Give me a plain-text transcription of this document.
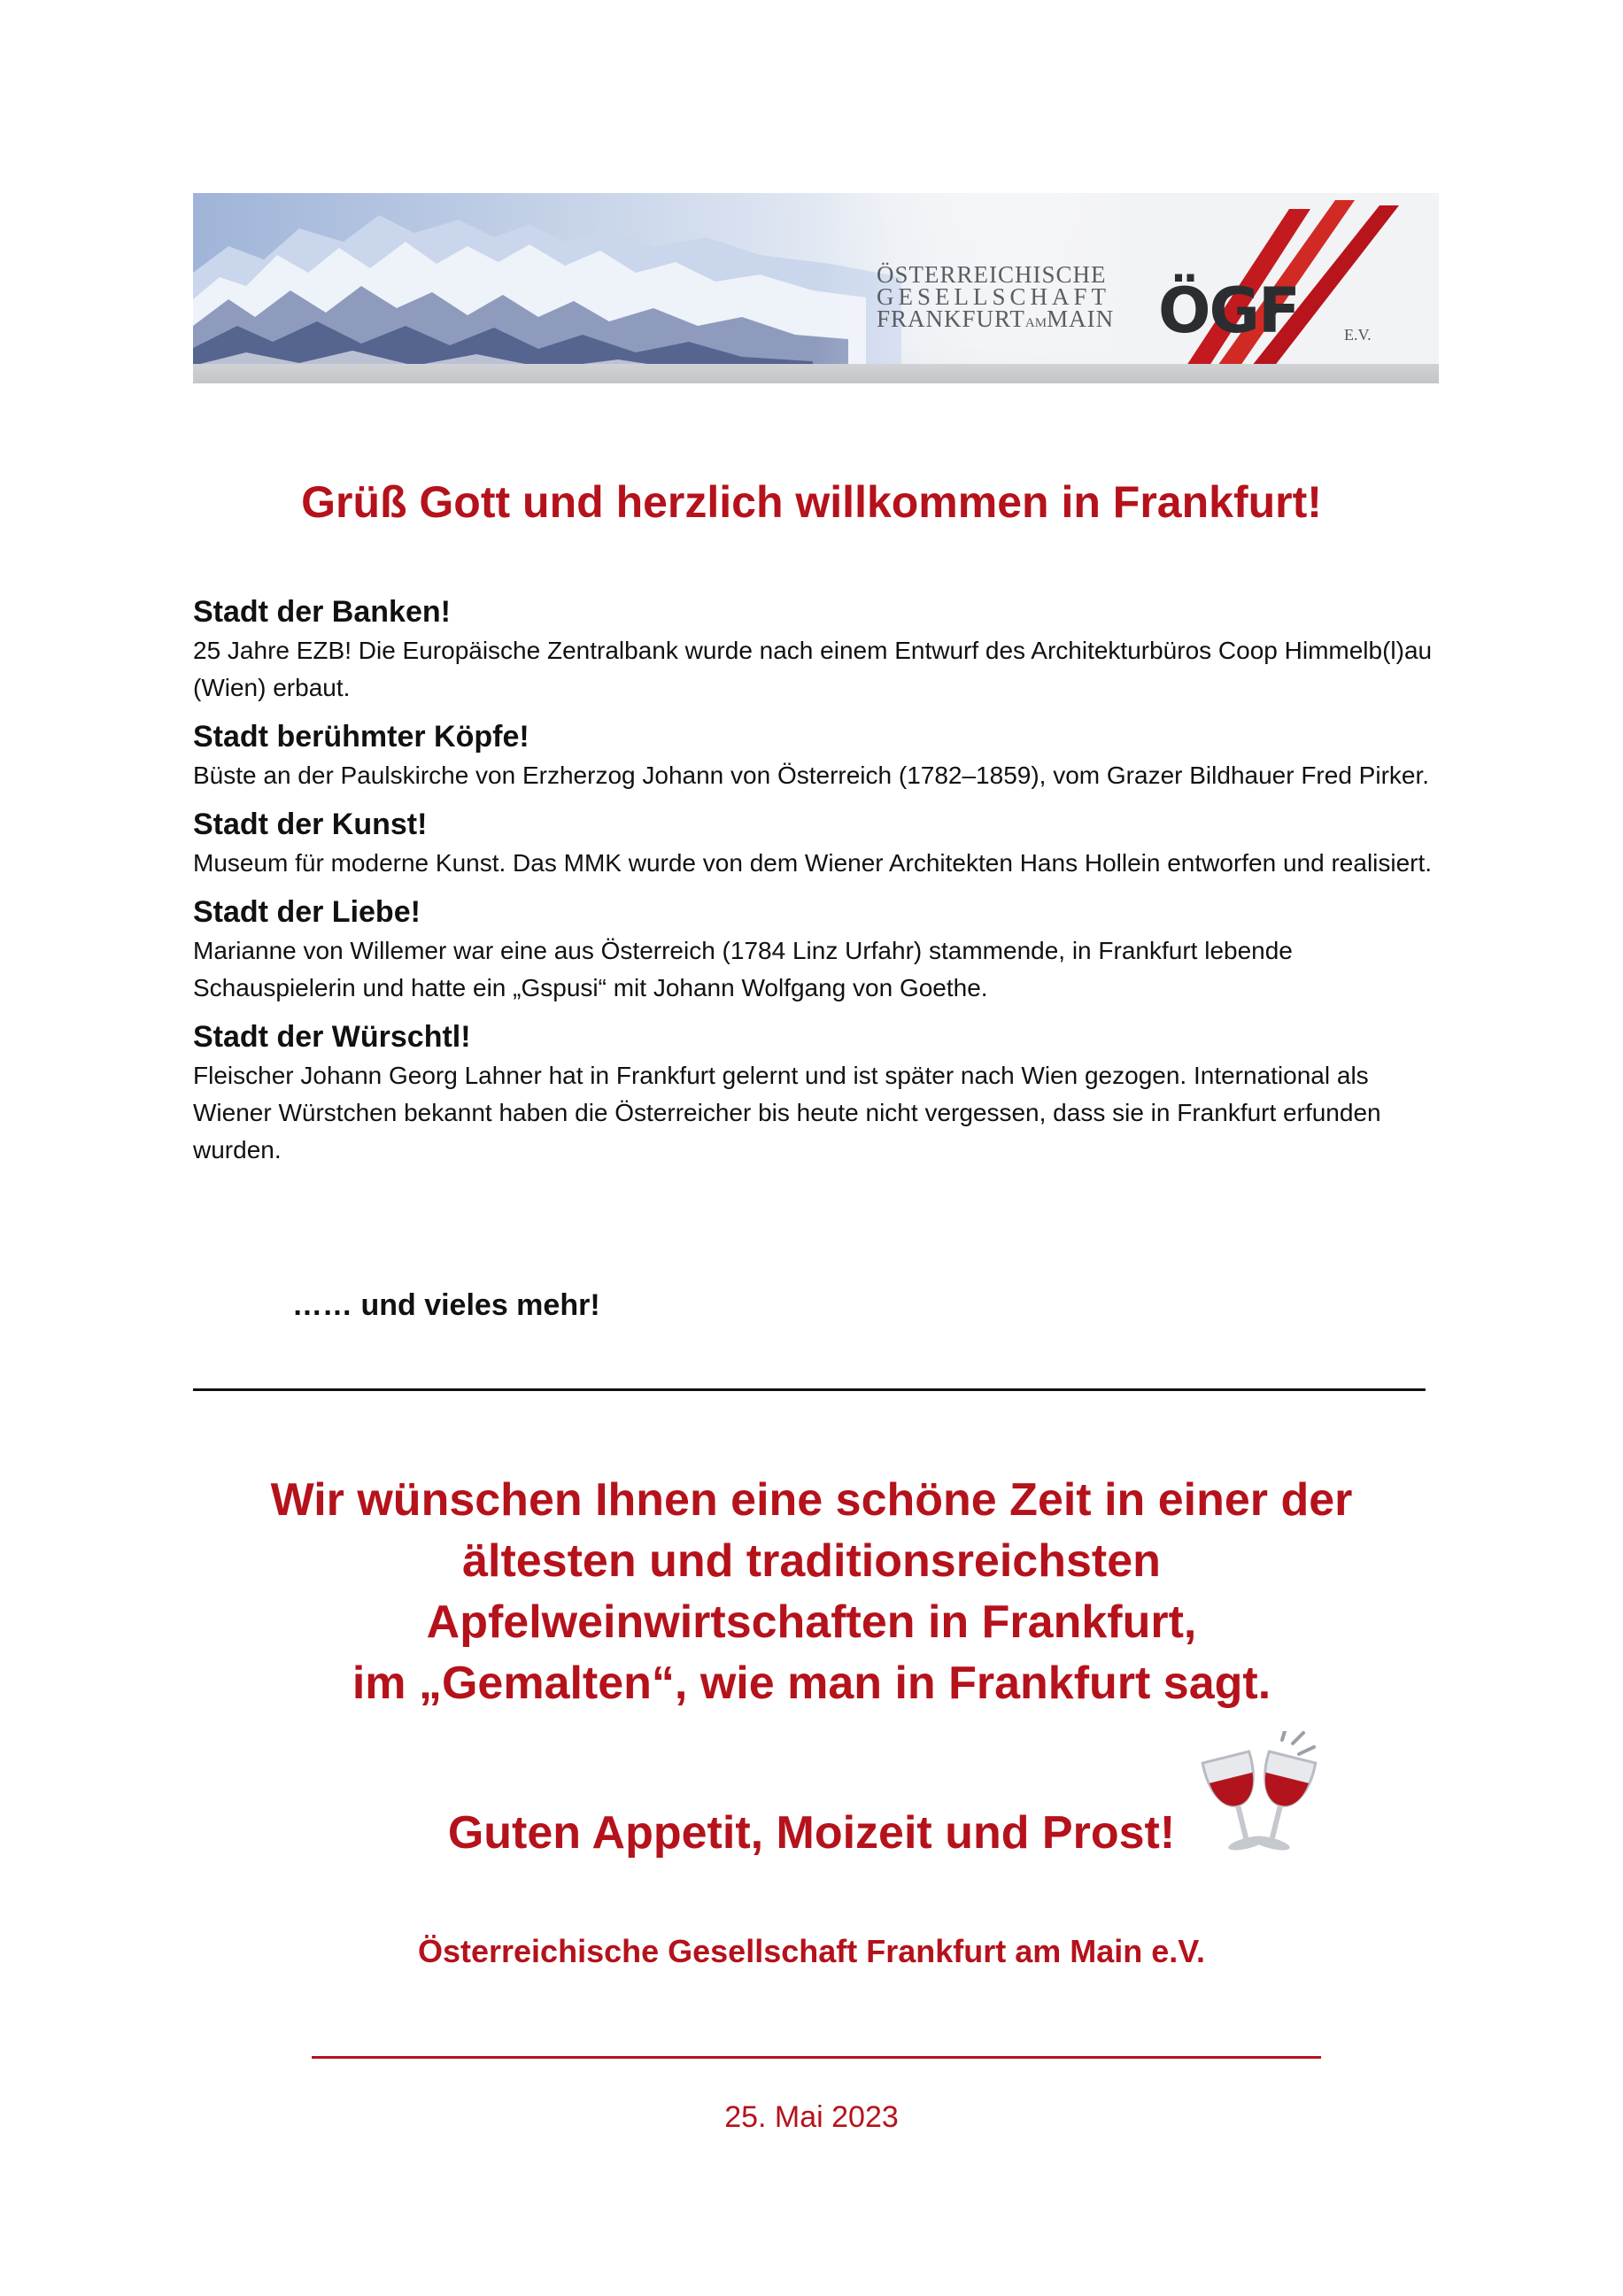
ÖSTERREICHISCHE
GESELLSCHAFT
FRANKFURTAMMAIN ÖGF	E.V.
Grüß Gott und herzlich willkommen in Frankfurt!
Stadt der Banken!

25 Jahre EZB! Die Europäische Zentralbank wurde nach einem Entwurf des Architekturbüros Coop Himmelb(l)au (Wien) erbaut.

Stadt berühmter Köpfe!

Büste an der Paulskirche von Erzherzog Johann von Österreich (1782–1859), vom Grazer Bildhauer Fred Pirker.

Stadt der Kunst!

Museum für moderne Kunst. Das MMK wurde von dem Wiener Architekten Hans Hollein entworfen und realisiert.

Stadt der Liebe!

Marianne von Willemer war eine aus Österreich (1784 Linz Urfahr) stammende, in Frankfurt lebende Schauspielerin und hatte ein „Gspusi“ mit Johann Wolfgang von Goethe.

Stadt der Würschtl!

Fleischer Johann Georg Lahner hat in Frankfurt gelernt und ist später nach Wien gezogen. International als Wiener Würstchen bekannt haben die Österreicher bis heute nicht vergessen, dass sie in Frankfurt erfunden wurden.

…… und vieles mehr!

Wir wünschen Ihnen eine schöne Zeit in einer der
ältesten und traditionsreichsten
Apfelweinwirtschaften in Frankfurt,
im „Gemalten“, wie man in Frankfurt sagt.
Guten Appetit, Moizeit und Prost!
Österreichische Gesellschaft Frankfurt am Main e.V.

25. Mai 2023
